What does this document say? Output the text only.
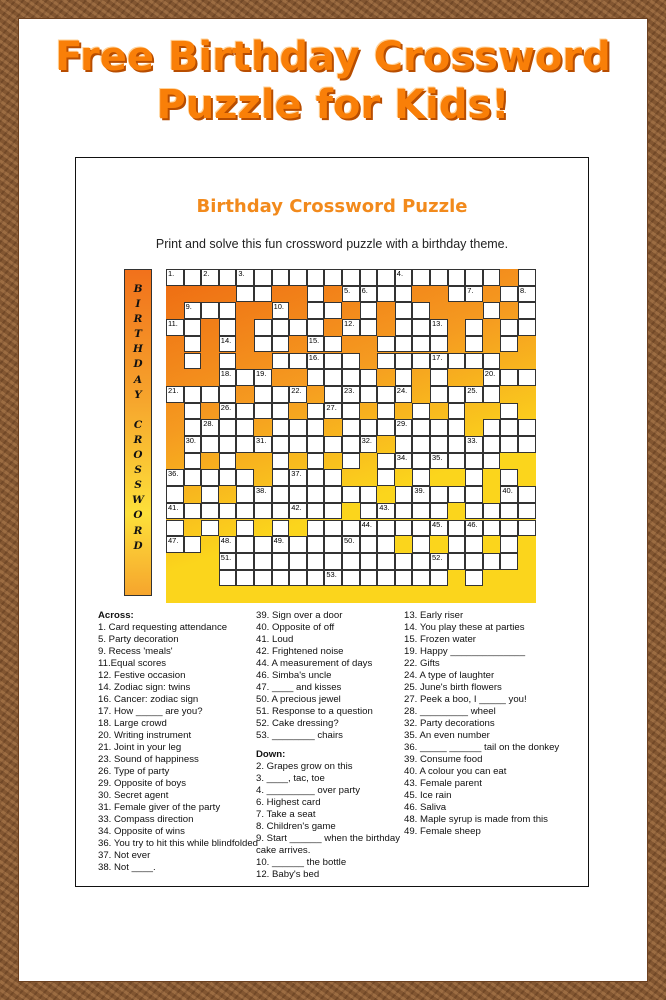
Free Birthday Crossword
Puzzle for Kids!
Birthday Crossword Puzzle
Print and solve this fun crossword puzzle with a birthday theme.
B
I
R
T
H
D
A
Y
C
R
O
S
S
W
O
R
D
1.	2.	3.	4.
5. 6.	7.	8.
9.	10.
11.	12.	13.
14.	15.
16.	17.
18.	19.	20.
21.	22.	23.	24.	25.
26.	27.
28.	29.
30.	31.	32.	33.
34.	35.
36.	37.
38.	39.	40.
41.	42.	43.
44.	45.	46.
47.	48.	49.	50.
51.	52.
53.
Across:
1. Card requesting attendance
5. Party decoration
9. Recess 'meals'
11.Equal scores
12. Festive occasion
14. Zodiac sign: twins
16. Cancer: zodiac sign
17. How _____ are you?
18. Large crowd
20. Writing instrument
21. Joint in your leg
23. Sound of happiness
26. Type of party
29. Opposite of boys
30. Secret agent
31. Female giver of the party
33. Compass direction
34. Opposite of wins
36. You try to hit this while blindfolded
37. Not ever
38. Not ____.
39. Sign over a door
40. Opposite of off
41. Loud
42. Frightened noise
44. A measurement of days
46. Simba's uncle
47. ____ and kisses
50. A precious jewel
51. Response to a question
52. Cake dressing?
53. ________ chairs
Down:
2. Grapes grow on this
3. ____, tac, toe
4. _________ over party
6. Highest card
7. Take a seat
8. Children's game
9. Start ______ when the birthday cake arrives.
10. ______ the bottle
12. Baby's bed
13. Early riser
14. You play these at parties
15. Frozen water
19. Happy ______________
22. Gifts
24. A type of laughter
25. June's birth flowers
27. Peek a boo, I _____ you!
28. _________ wheel
32. Party decorations
35. An even number
36. _____ ______ tail on the donkey
39. Consume food
40. A colour you can eat
43. Female parent
45. Ice rain
46. Saliva
48. Maple syrup is made from this
49. Female sheep
